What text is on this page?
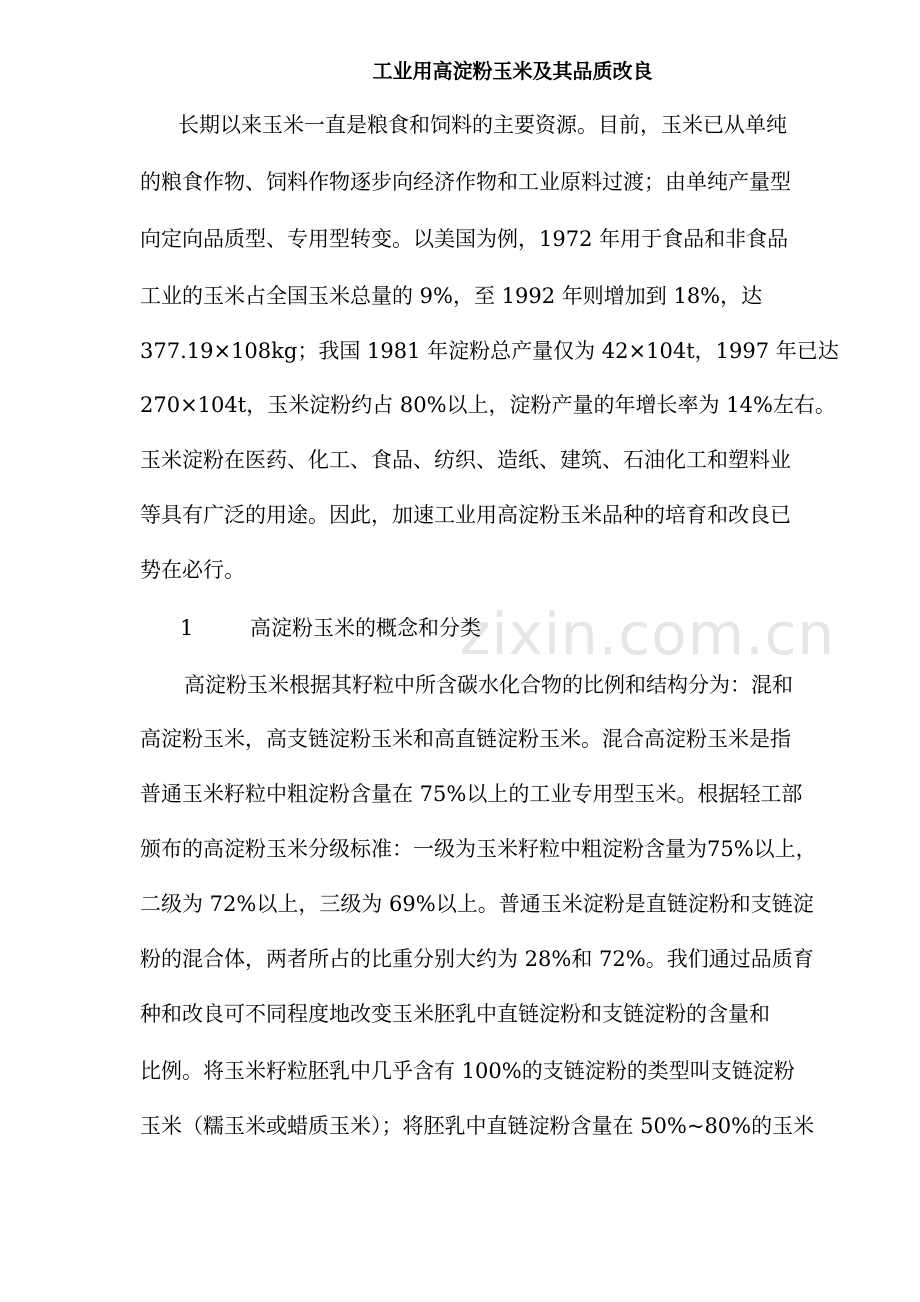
zixin.com.cn
工业用高淀粉玉米及其品质改良
长期以来玉米一直是粮食和饲料的主要资源。目前，玉米已从单纯
的粮食作物、饲料作物逐步向经济作物和工业原料过渡；由单纯产量型
向定向品质型、专用型转变。以美国为例，1972 年用于食品和非食品
工业的玉米占全国玉米总量的 9%，至 1992 年则增加到 18%，达
377.19×108kg；我国 1981 年淀粉总产量仅为 42×104t，1997 年已达
270×104t，玉米淀粉约占 80%以上，淀粉产量的年增长率为 14%左右。
玉米淀粉在医药、化工、食品、纺织、造纸、建筑、石油化工和塑料业
等具有广泛的用途。因此，加速工业用高淀粉玉米品种的培育和改良已
势在必行。
1	高淀粉玉米的概念和分类
高淀粉玉米根据其籽粒中所含碳水化合物的比例和结构分为：混和
高淀粉玉米，高支链淀粉玉米和高直链淀粉玉米。混合高淀粉玉米是指
普通玉米籽粒中粗淀粉含量在 75%以上的工业专用型玉米。根据轻工部
颁布的高淀粉玉米分级标准：一级为玉米籽粒中粗淀粉含量为75%以上，
二级为 72%以上，三级为 69%以上。普通玉米淀粉是直链淀粉和支链淀
粉的混合体，两者所占的比重分别大约为 28%和 72%。我们通过品质育
种和改良可不同程度地改变玉米胚乳中直链淀粉和支链淀粉的含量和
比例。将玉米籽粒胚乳中几乎含有 100%的支链淀粉的类型叫支链淀粉
玉米（糯玉米或蜡质玉米）；将胚乳中直链淀粉含量在 50%~80%的玉米
